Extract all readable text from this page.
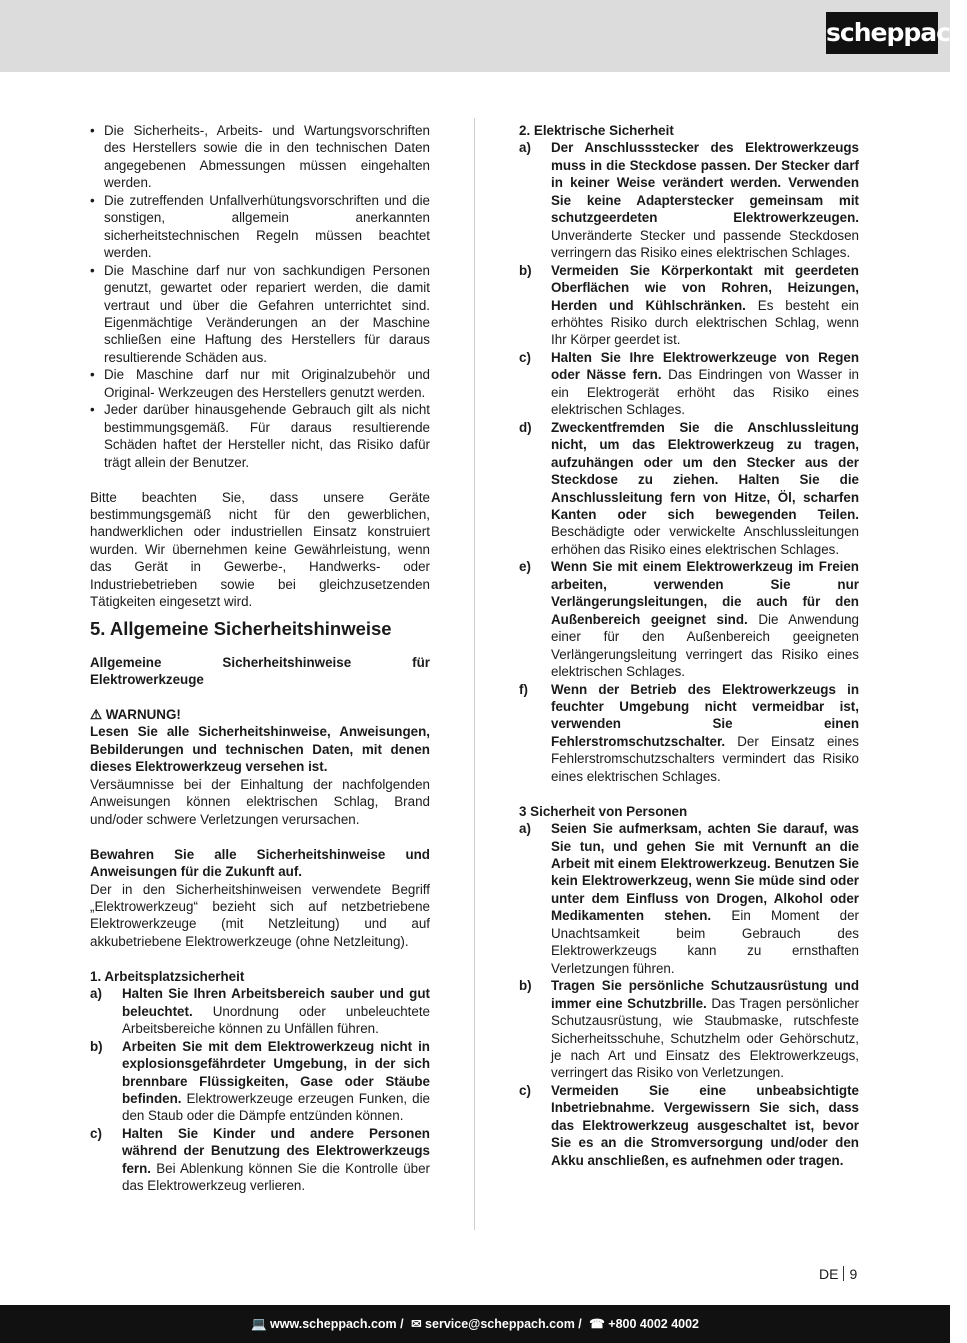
scheppach
• Die Sicherheits-, Arbeits- und Wartungsvorschriften des Herstellers sowie die in den technischen Daten angegebenen Abmessungen müssen eingehalten werden.
• Die zutreffenden Unfallverhütungsvorschriften und die sonstigen, allgemein anerkannten sicherheitstechnischen Regeln müssen beachtet werden.
• Die Maschine darf nur von sachkundigen Personen genutzt, gewartet oder repariert werden, die damit vertraut und über die Gefahren unterrichtet sind. Eigenmächtige Veränderungen an der Maschine schließen eine Haftung des Herstellers für daraus resultierende Schäden aus.
• Die Maschine darf nur mit Originalzubehör und Original- Werkzeugen des Herstellers genutzt werden.
• Jeder darüber hinausgehende Gebrauch gilt als nicht bestimmungsgemäß. Für daraus resultierende Schäden haftet der Hersteller nicht, das Risiko dafür trägt allein der Benutzer.

Bitte beachten Sie, dass unsere Geräte bestimmungsgemäß nicht für den gewerblichen, handwerklichen oder industriellen Einsatz konstruiert wurden. Wir übernehmen keine Gewährleistung, wenn das Gerät in Gewerbe-, Handwerks- oder Industriebetrieben sowie bei gleichzusetzenden Tätigkeiten eingesetzt wird.

5. Allgemeine Sicherheitshinweise

Allgemeine Sicherheitshinweise für Elektrowerkzeuge

⚠ WARNUNG!

Lesen Sie alle Sicherheitshinweise, Anweisungen, Bebilderungen und technischen Daten, mit denen dieses Elektrowerkzeug versehen ist.

Versäumnisse bei der Einhaltung der nachfolgenden Anweisungen können elektrischen Schlag, Brand und/oder schwere Verletzungen verursachen.

Bewahren Sie alle Sicherheitshinweise und Anweisungen für die Zukunft auf.

Der in den Sicherheitshinweisen verwendete Begriff „Elektrowerkzeug“ bezieht sich auf netzbetriebene Elektrowerkzeuge (mit Netzleitung) und auf akkubetriebene Elektrowerkzeuge (ohne Netzleitung).

1. Arbeitsplatzsicherheit

a) Halten Sie Ihren Arbeitsbereich sauber und gut beleuchtet. Unordnung oder unbeleuchtete Arbeitsbereiche können zu Unfällen führen.
b) Arbeiten Sie mit dem Elektrowerkzeug nicht in explosionsgefährdeter Umgebung, in der sich brennbare Flüssigkeiten, Gase oder Stäube befinden. Elektrowerkzeuge erzeugen Funken, die den Staub oder die Dämpfe entzünden können.
c) Halten Sie Kinder und andere Personen während der Benutzung des Elektrowerkzeugs fern. Bei Ablenkung können Sie die Kontrolle über das Elektrowerkzeug verlieren.

2. Elektrische Sicherheit

a) Der Anschlussstecker des Elektrowerkzeugs muss in die Steckdose passen. Der Stecker darf in keiner Weise verändert werden. Verwenden Sie keine Adapterstecker gemeinsam mit schutzgeerdeten Elektrowerkzeugen. Unveränderte Stecker und passende Steckdosen verringern das Risiko eines elektrischen Schlages.
b) Vermeiden Sie Körperkontakt mit geerdeten Oberflächen wie von Rohren, Heizungen, Herden und Kühlschränken. Es besteht ein erhöhtes Risiko durch elektrischen Schlag, wenn Ihr Körper geerdet ist.
c) Halten Sie Ihre Elektrowerkzeuge von Regen oder Nässe fern. Das Eindringen von Wasser in ein Elektrogerät erhöht das Risiko eines elektrischen Schlages.
d) Zweckentfremden Sie die Anschlussleitung nicht, um das Elektrowerkzeug zu tragen, aufzuhängen oder um den Stecker aus der Steckdose zu ziehen. Halten Sie die Anschlussleitung fern von Hitze, Öl, scharfen Kanten oder sich bewegenden Teilen. Beschädigte oder verwickelte Anschlussleitungen erhöhen das Risiko eines elektrischen Schlages.
e) Wenn Sie mit einem Elektrowerkzeug im Freien arbeiten, verwenden Sie nur Verlängerungsleitungen, die auch für den Außenbereich geeignet sind. Die Anwendung einer für den Außenbereich geeigneten Verlängerungsleitung verringert das Risiko eines elektrischen Schlages.
f) Wenn der Betrieb des Elektrowerkzeugs in feuchter Umgebung nicht vermeidbar ist, verwenden Sie einen Fehlerstromschutzschalter. Der Einsatz eines Fehlerstromschutzschalters vermindert das Risiko eines elektrischen Schlages.

3 Sicherheit von Personen

a) Seien Sie aufmerksam, achten Sie darauf, was Sie tun, und gehen Sie mit Vernunft an die Arbeit mit einem Elektrowerkzeug. Benutzen Sie kein Elektrowerkzeug, wenn Sie müde sind oder unter dem Einfluss von Drogen, Alkohol oder Medikamenten stehen. Ein Moment der Unachtsamkeit beim Gebrauch des Elektrowerkzeugs kann zu ernsthaften Verletzungen führen.
b) Tragen Sie persönliche Schutzausrüstung und immer eine Schutzbrille. Das Tragen persönlicher Schutzausrüstung, wie Staubmaske, rutschfeste Sicherheitsschuhe, Schutzhelm oder Gehörschutz, je nach Art und Einsatz des Elektrowerkzeugs, verringert das Risiko von Verletzungen.
c) Vermeiden Sie eine unbeabsichtigte Inbetriebnahme. Vergewissern Sie sich, dass das Elektrowerkzeug ausgeschaltet ist, bevor Sie es an die Stromversorgung und/oder den Akku anschließen, es aufnehmen oder tragen.
DE 9
💻 www.scheppach.com / ✉ service@scheppach.com / ☎ +800 4002 4002
